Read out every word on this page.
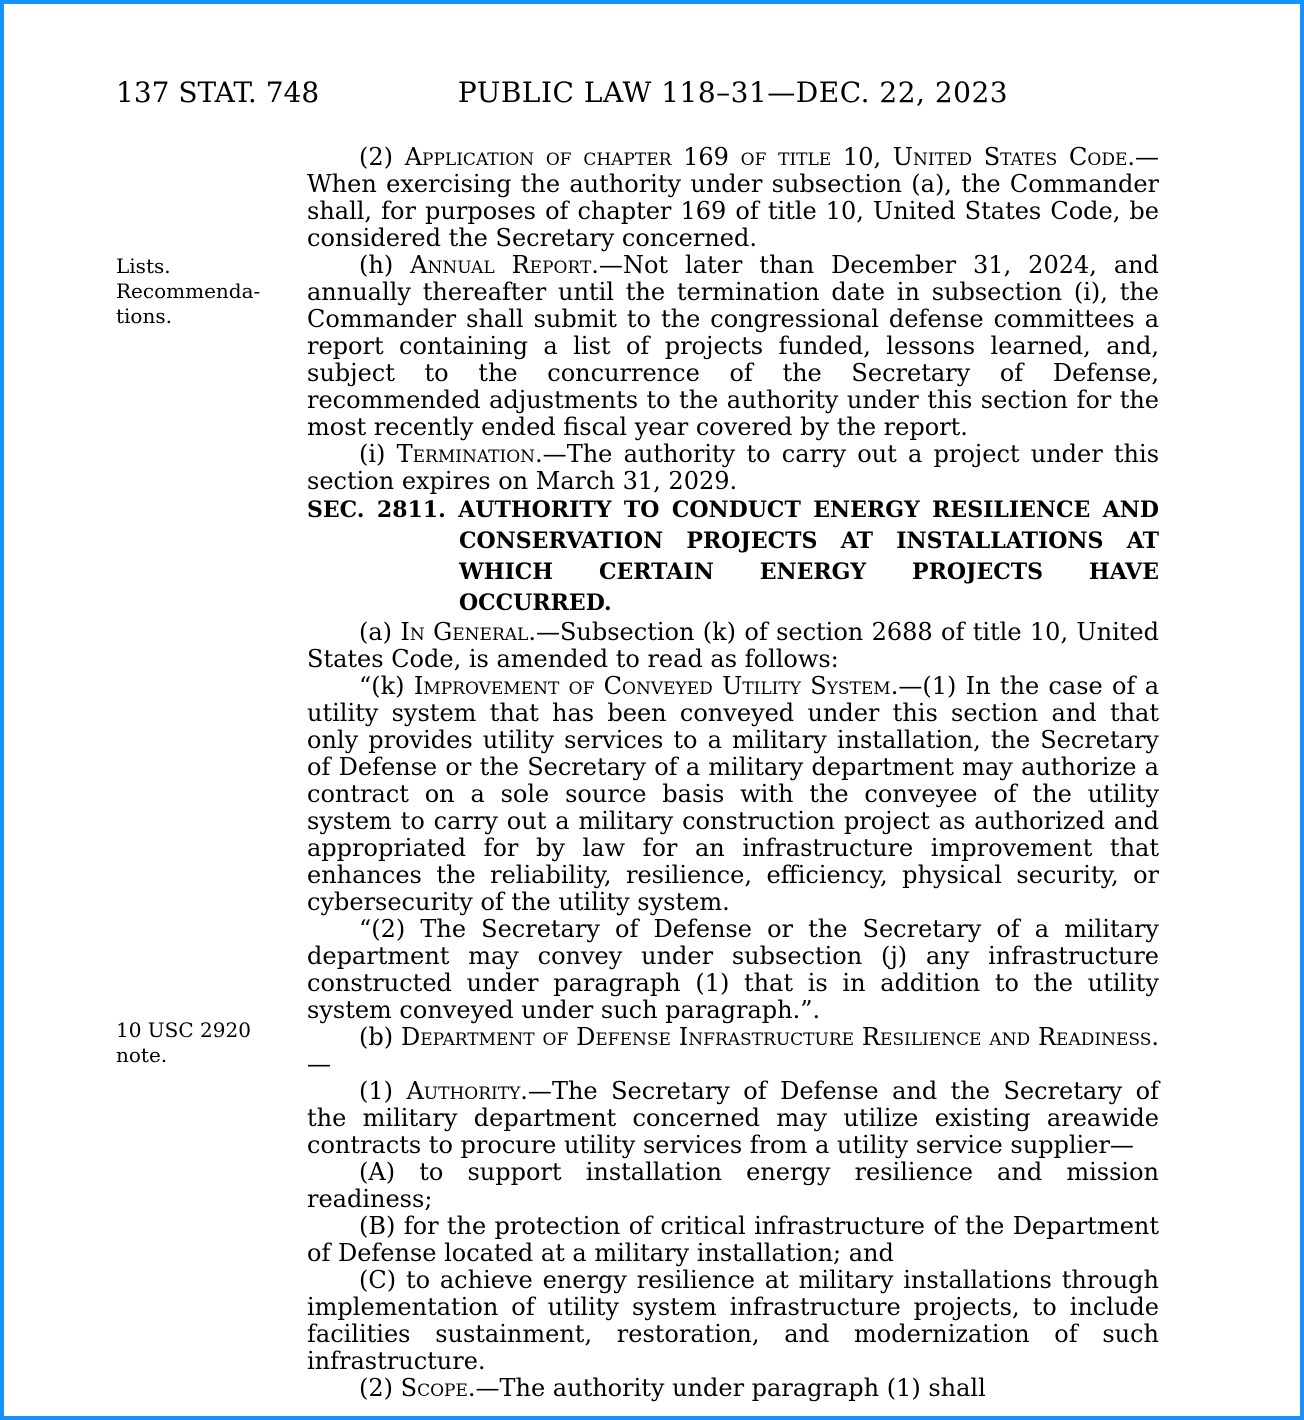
137 STAT. 748	PUBLIC LAW 118–31—DEC. 22, 2023
Lists.
Recommenda-
tions.
10 USC 2920
note.

(2) Application of chapter 169 of title 10, United States Code.—When exercising the authority under subsection (a), the Commander shall, for purposes of chapter 169 of title 10, United States Code, be considered the Secretary concerned.

(h) Annual Report.—Not later than December 31, 2024, and annually thereafter until the termination date in subsection (i), the Commander shall submit to the congressional defense committees a report containing a list of projects funded, lessons learned, and, subject to the concurrence of the Secretary of Defense, recommended adjustments to the authority under this section for the most recently ended fiscal year covered by the report.

(i) Termination.—The authority to carry out a project under this section expires on March 31, 2029.

SEC. 2811. AUTHORITY TO CONDUCT ENERGY RESILIENCE AND CONSERVATION PROJECTS AT INSTALLATIONS AT WHICH CERTAIN ENERGY PROJECTS HAVE OCCURRED.

(a) In General.—Subsection (k) of section 2688 of title 10, United States Code, is amended to read as follows:

“(k) Improvement of Conveyed Utility System.—(1) In the case of a utility system that has been conveyed under this section and that only provides utility services to a military installation, the Secretary of Defense or the Secretary of a military department may authorize a contract on a sole source basis with the conveyee of the utility system to carry out a military construction project as authorized and appropriated for by law for an infrastructure improvement that enhances the reliability, resilience, efficiency, physical security, or cybersecurity of the utility system.

“(2) The Secretary of Defense or the Secretary of a military department may convey under subsection (j) any infrastructure constructed under paragraph (1) that is in addition to the utility system conveyed under such paragraph.”.

(b) Department of Defense Infrastructure Resilience and Readiness.—

(1) Authority.—The Secretary of Defense and the Secretary of the military department concerned may utilize existing areawide contracts to procure utility services from a utility service supplier—

(A) to support installation energy resilience and mission readiness;

(B) for the protection of critical infrastructure of the Department of Defense located at a military installation; and

(C) to achieve energy resilience at military installations through implementation of utility system infrastructure projects, to include facilities sustainment, restoration, and modernization of such infrastructure.

(2) Scope.—The authority under paragraph (1) shall
